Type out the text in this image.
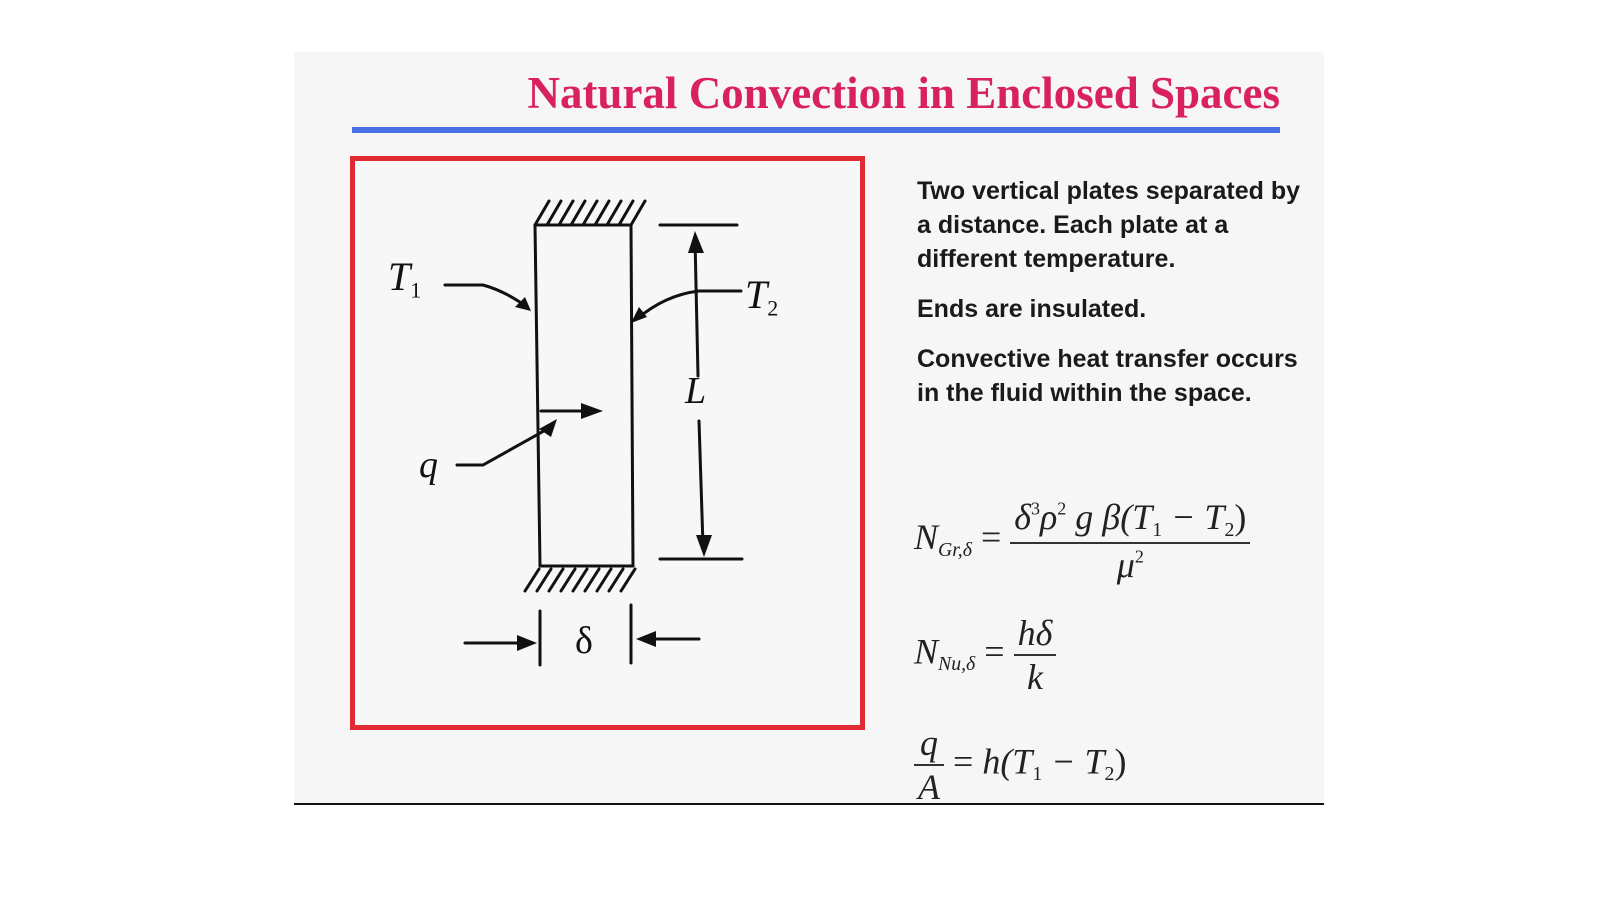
Natural Convection in Enclosed Spaces
$T_1$	$T_2$
L
q
δ

Two vertical plates separated by a distance. Each plate at a different temperature.

Ends are insulated.

Convective heat transfer occurs in the fluid within the space.

$N_{Gr,\delta} = \frac{\delta^3\rho^2 g \beta(T_1 - T_2)}{\mu^2}$
$N_{Nu,\delta} = \frac{h\delta}{k}$
$\frac{q}{A} = h(T_1 - T_2)$
